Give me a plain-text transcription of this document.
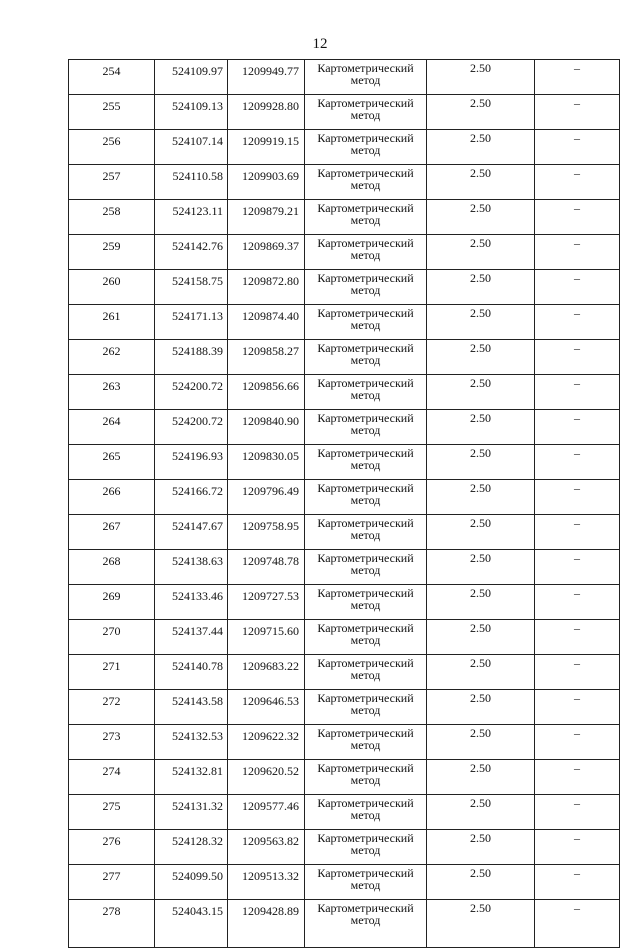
12
254	524109.97	1209949.77	Картометрический
метод	2.50	–
255	524109.13	1209928.80	Картометрический
метод	2.50	–
256	524107.14	1209919.15	Картометрический
метод	2.50	–
257	524110.58	1209903.69	Картометрический
метод	2.50	–
258	524123.11	1209879.21	Картометрический
метод	2.50	–
259	524142.76	1209869.37	Картометрический
метод	2.50	–
260	524158.75	1209872.80	Картометрический
метод	2.50	–
261	524171.13	1209874.40	Картометрический
метод	2.50	–
262	524188.39	1209858.27	Картометрический
метод	2.50	–
263	524200.72	1209856.66	Картометрический
метод	2.50	–
264	524200.72	1209840.90	Картометрический
метод	2.50	–
265	524196.93	1209830.05	Картометрический
метод	2.50	–
266	524166.72	1209796.49	Картометрический
метод	2.50	–
267	524147.67	1209758.95	Картометрический
метод	2.50	–
268	524138.63	1209748.78	Картометрический
метод	2.50	–
269	524133.46	1209727.53	Картометрический
метод	2.50	–
270	524137.44	1209715.60	Картометрический
метод	2.50	–
271	524140.78	1209683.22	Картометрический
метод	2.50	–
272	524143.58	1209646.53	Картометрический
метод	2.50	–
273	524132.53	1209622.32	Картометрический
метод	2.50	–
274	524132.81	1209620.52	Картометрический
метод	2.50	–
275	524131.32	1209577.46	Картометрический
метод	2.50	–
276	524128.32	1209563.82	Картометрический
метод	2.50	–
277	524099.50	1209513.32	Картометрический
метод	2.50	–
278	524043.15	1209428.89	Картометрический
метод	2.50	–
